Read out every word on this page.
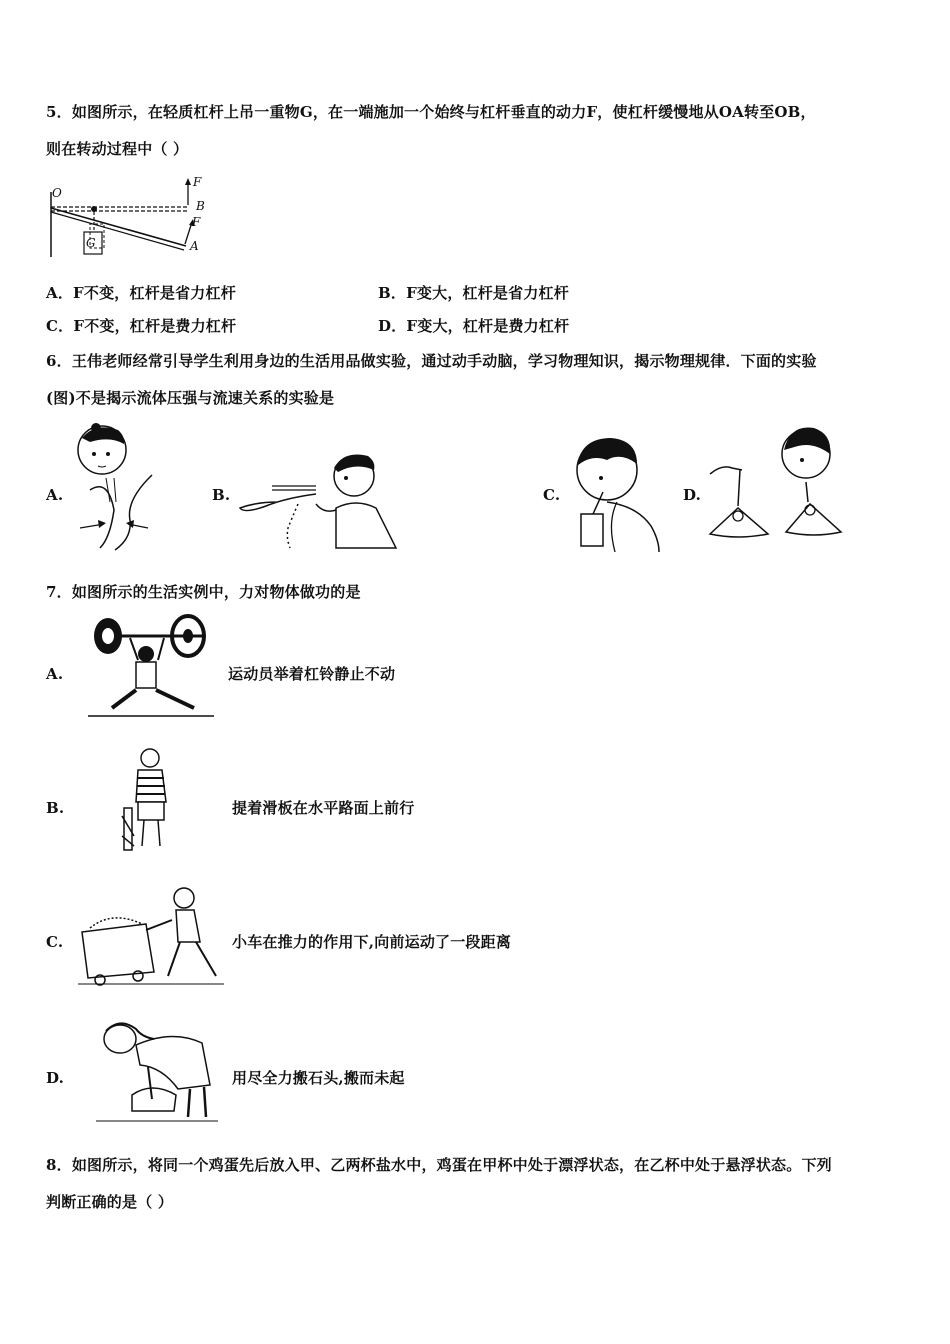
5．如图所示，在轻质杠杆上吊一重物G，在一端施加一个始终与杠杆垂直的动力F，使杠杆缓慢地从OA转至OB，
则在转动过程中（ ）
O
B
A
F
F
G
A．F不变，杠杆是省力杠杆	B．F变大，杠杆是省力杠杆
C．F不变，杠杆是费力杠杆	D．F变大，杠杆是费力杠杆
6．王伟老师经常引导学生利用身边的生活用品做实验，通过动手动脑，学习物理知识，揭示物理规律．下面的实验
(图)不是揭示流体压强与流速关系的实验是
A.	B.	C.	D.
7．如图所示的生活实例中，力对物体做功的是
A.	运动员举着杠铃静止不动
B.	提着滑板在水平路面上前行
C.	小车在推力的作用下,向前运动了一段距离
D.	用尽全力搬石头,搬而未起
8．如图所示，将同一个鸡蛋先后放入甲、乙两杯盐水中，鸡蛋在甲杯中处于漂浮状态，在乙杯中处于悬浮状态。下列
判断正确的是（ ）
